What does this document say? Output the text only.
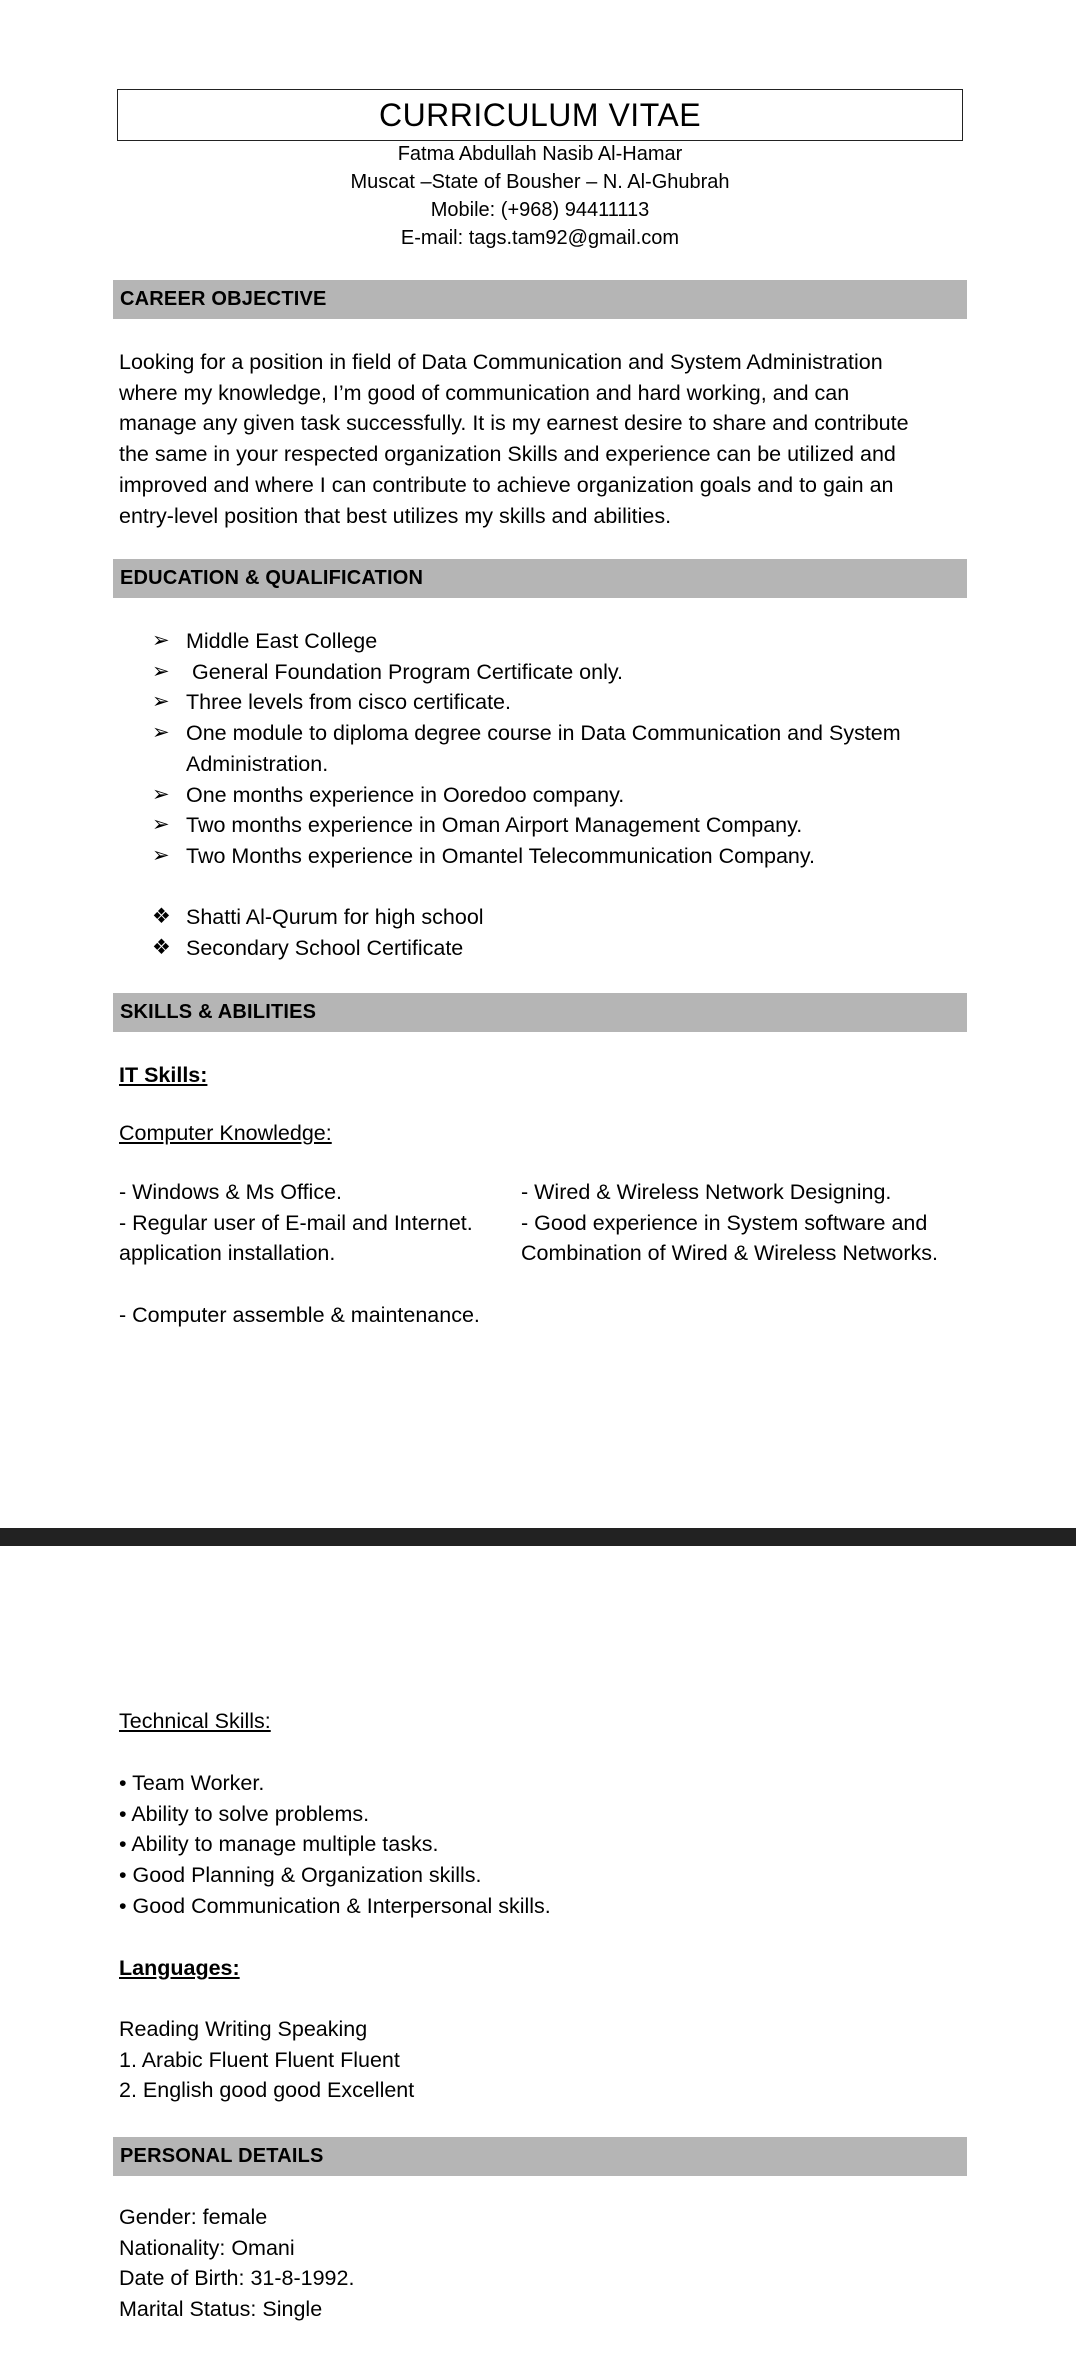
CURRICULUM VITAE
Fatma Abdullah Nasib Al-Hamar
Muscat –State of Bousher – N. Al-Ghubrah
Mobile: (+968) 94411113
E-mail: tags.tam92@gmail.com
CAREER OBJECTIVE
Looking for a position in field of Data Communication and System Administration
where my knowledge, I’m good of communication and hard working, and can
manage any given task successfully. It is my earnest desire to share and contribute
the same in your respected organization Skills and experience can be utilized and
improved and where I can contribute to achieve organization goals and to gain an
entry-level position that best utilizes my skills and abilities.
EDUCATION & QUALIFICATION
➢ Middle East College
➢ General Foundation Program Certificate only.
➢ Three levels from cisco certificate.
➢ One module to diploma degree course in Data Communication and System Administration.
➢ One months experience in Ooredoo company.
➢ Two months experience in Oman Airport Management Company.
➢ Two Months experience in Omantel Telecommunication Company.
❖ Shatti Al-Qurum for high school
❖ Secondary School Certificate
SKILLS & ABILITIES
IT Skills:
Computer Knowledge:
- Windows & Ms Office.
- Regular user of E-mail and Internet.
application installation.
- Wired & Wireless Network Designing.
- Good experience in System software and
Combination of Wired & Wireless Networks.
- Computer assemble & maintenance.
Technical Skills:
• Team Worker.
• Ability to solve problems.
• Ability to manage multiple tasks.
• Good Planning & Organization skills.
• Good Communication & Interpersonal skills.
Languages:
Reading Writing Speaking
1. Arabic Fluent Fluent Fluent
2. English good good Excellent
PERSONAL DETAILS
Gender: female
Nationality: Omani
Date of Birth: 31-8-1992.
Marital Status: Single
